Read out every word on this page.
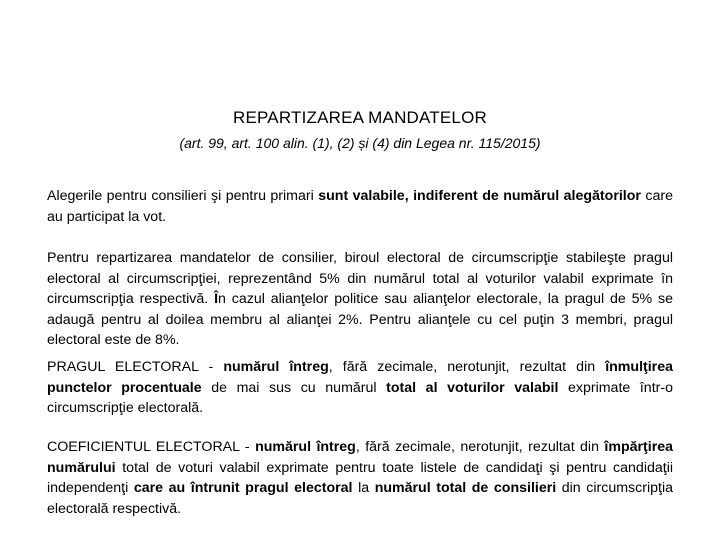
REPARTIZAREA MANDATELOR
(art. 99, art. 100 alin. (1), (2) și (4) din Legea nr. 115/2015)

Alegerile pentru consilieri şi pentru primari sunt valabile, indiferent de numărul alegătorilor care au participat la vot.

Pentru repartizarea mandatelor de consilier, biroul electoral de circumscripţie stabileşte pragul electoral al circumscripţiei, reprezentând 5% din numărul total al voturilor valabil exprimate în circumscripţia respectivă. În cazul alianţelor politice sau alianţelor electorale, la pragul de 5% se adaugă pentru al doilea membru al alianţei 2%. Pentru alianţele cu cel puţin 3 membri, pragul electoral este de 8%.

PRAGUL ELECTORAL - numărul întreg, fără zecimale, nerotunjit, rezultat din înmulţirea punctelor procentuale de mai sus cu numărul total al voturilor valabil exprimate într-o circumscripţie electorală.

COEFICIENTUL ELECTORAL - numărul întreg, fără zecimale, nerotunjit, rezultat din împărţirea numărului total de voturi valabil exprimate pentru toate listele de candidaţi şi pentru candidaţii independenţi care au întrunit pragul electoral la numărul total de consilieri din circumscripţia electorală respectivă.
